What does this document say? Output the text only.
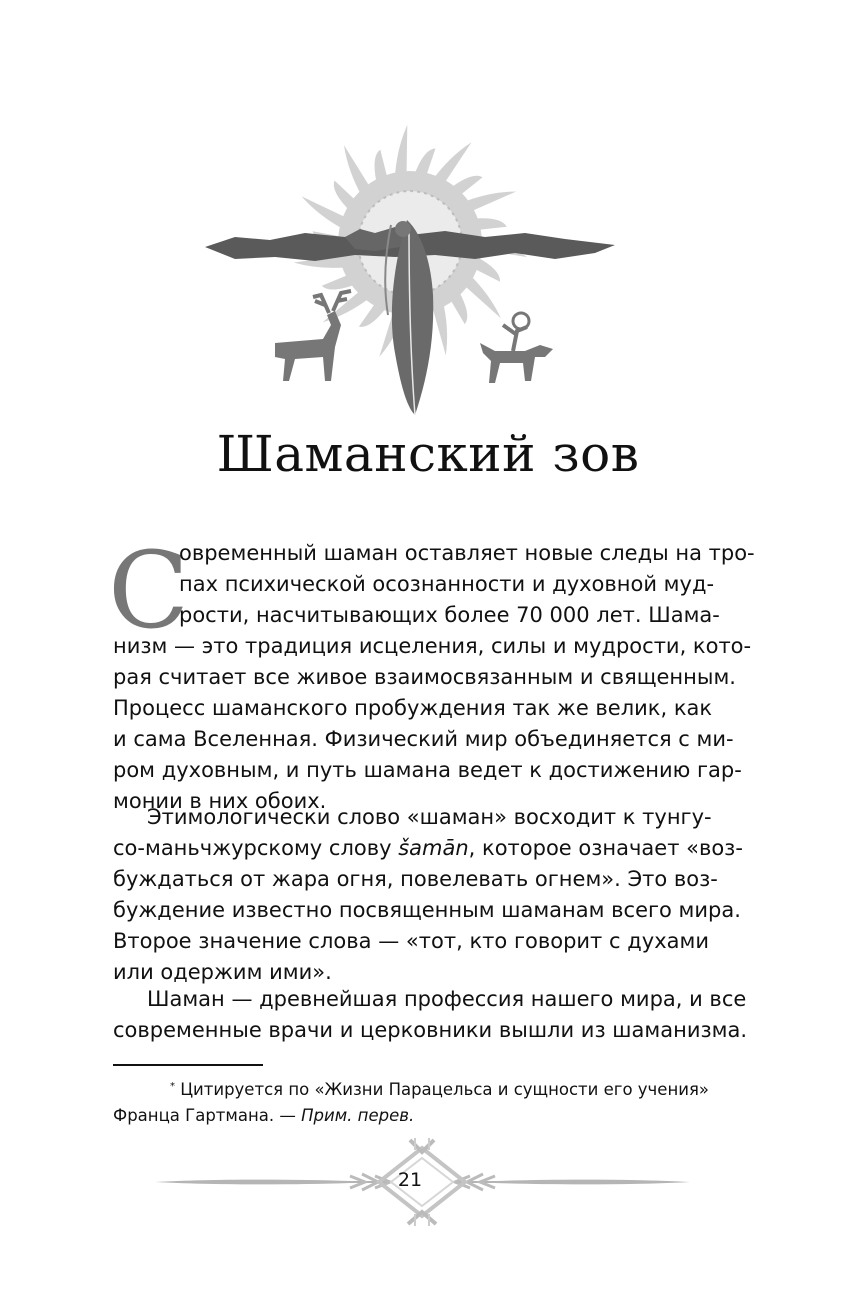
Шаманский зов
С
овременный шаман оставляет новые следы на тро-
пах психической осознанности и духовной муд-
рости, насчитывающих более 70 000 лет. Шама-
низм — это традиция исцеления, силы и мудрости, кото-
рая считает все живое взаимосвязанным и священным.
Процесс шаманского пробуждения так же велик, как
и сама Вселенная. Физический мир объединяется с ми-
ром духовным, и путь шамана ведет к достижению гар-
монии в них обоих.
Этимологически слово «шаман» восходит к тунгу-
со-маньчжурскому слову šamān, которое означает «воз-
буждаться от жара огня, повелевать огнем». Это воз-
буждение известно посвященным шаманам всего мира.
Второе значение слова — «тот, кто говорит с духами
или одержим ими».
Шаман — древнейшая профессия нашего мира, и все
современные врачи и церковники вышли из шаманизма.
* Цитируется по «Жизни Парацельса и сущности его учения»
Франца Гартмана. — Прим. перев.
21
